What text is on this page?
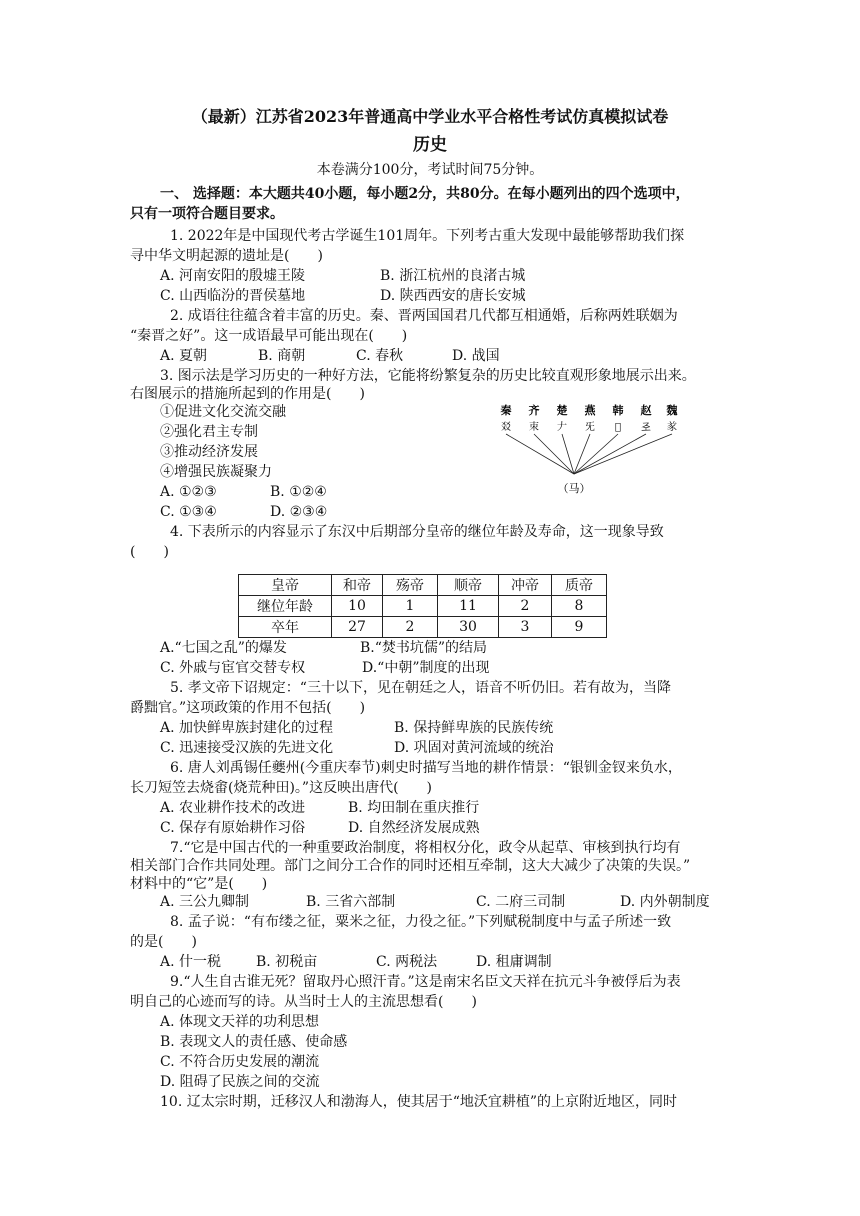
（最新）江苏省2023年普通高中学业水平合格性考试仿真模拟试卷
历史
本卷满分100分，考试时间75分钟。
一、 选择题：本大题共40小题，每小题2分，共80分。在每小题列出的四个选项中，
只有一项符合题目要求。
1. 2022年是中国现代考古学诞生101周年。下列考古重大发现中最能够帮助我们探
寻中华文明起源的遗址是(　　)
A. 河南安阳的殷墟王陵	B. 浙江杭州的良渚古城
C. 山西临汾的晋侯墓地	D. 陕西西安的唐长安城
2. 成语往往蕴含着丰富的历史。秦、晋两国国君几代都互相通婚，后称两姓联姻为
“秦晋之好”。这一成语最早可能出现在(　　)
A. 夏朝	B. 商朝	C. 春秋	D. 战国
3. 图示法是学习历史的一种好方法，它能将纷繁复杂的历史比较直观形象地展示出来。
右图展示的措施所起到的作用是(　　)
①促进文化交流交融
②强化君主专制
③推动经济发展
④增强民族凝聚力
A. ①②③	B. ①②④
C. ①③④	D. ②③④
秦 齐 楚 燕 韩 赵 魏
㸚 朿 𠂇 旡 𠇑 𢀖 㒸
（马）
4. 下表所示的内容显示了东汉中后期部分皇帝的继位年龄及寿命，这一现象导致
(　　)
皇帝	和帝	殇帝	顺帝	冲帝	质帝
继位年龄	10	1	11	2	8
卒年	27	2	30	3	9
A.“七国之乱”的爆发	B.“焚书坑儒”的结局
C. 外戚与宦官交替专权	D.“中朝”制度的出现
5. 孝文帝下诏规定：“三十以下，见在朝廷之人，语音不听仍旧。若有故为，当降
爵黜官。”这项政策的作用不包括(　　)
A. 加快鲜卑族封建化的过程	B. 保持鲜卑族的民族传统
C. 迅速接受汉族的先进文化	D. 巩固对黄河流域的统治
6. 唐人刘禹锡任夔州(今重庆奉节)刺史时描写当地的耕作情景：“银钏金钗来负水，
长刀短笠去烧畬(烧荒种田)。”这反映出唐代(　　)
A. 农业耕作技术的改进	B. 均田制在重庆推行
C. 保存有原始耕作习俗	D. 自然经济发展成熟
7.“它是中国古代的一种重要政治制度，将相权分化，政令从起草、审核到执行均有
相关部门合作共同处理。部门之间分工合作的同时还相互牵制，这大大减少了决策的失误。”
材料中的“它”是(　　)
A. 三公九卿制	B. 三省六部制	C. 二府三司制	D. 内外朝制度
8. 孟子说：“有布缕之征，粟米之征，力役之征。”下列赋税制度中与孟子所述一致
的是(　　)
A. 什一税 B. 初税亩	C. 两税法	D. 租庸调制
9.“人生自古谁无死？留取丹心照汗青。”这是南宋名臣文天祥在抗元斗争被俘后为表
明自己的心迹而写的诗。从当时士人的主流思想看(　　)
A. 体现文天祥的功利思想
B. 表现文人的责任感、使命感
C. 不符合历史发展的潮流
D. 阻碍了民族之间的交流
10. 辽太宗时期，迁移汉人和渤海人，使其居于“地沃宜耕植”的上京附近地区，同时
